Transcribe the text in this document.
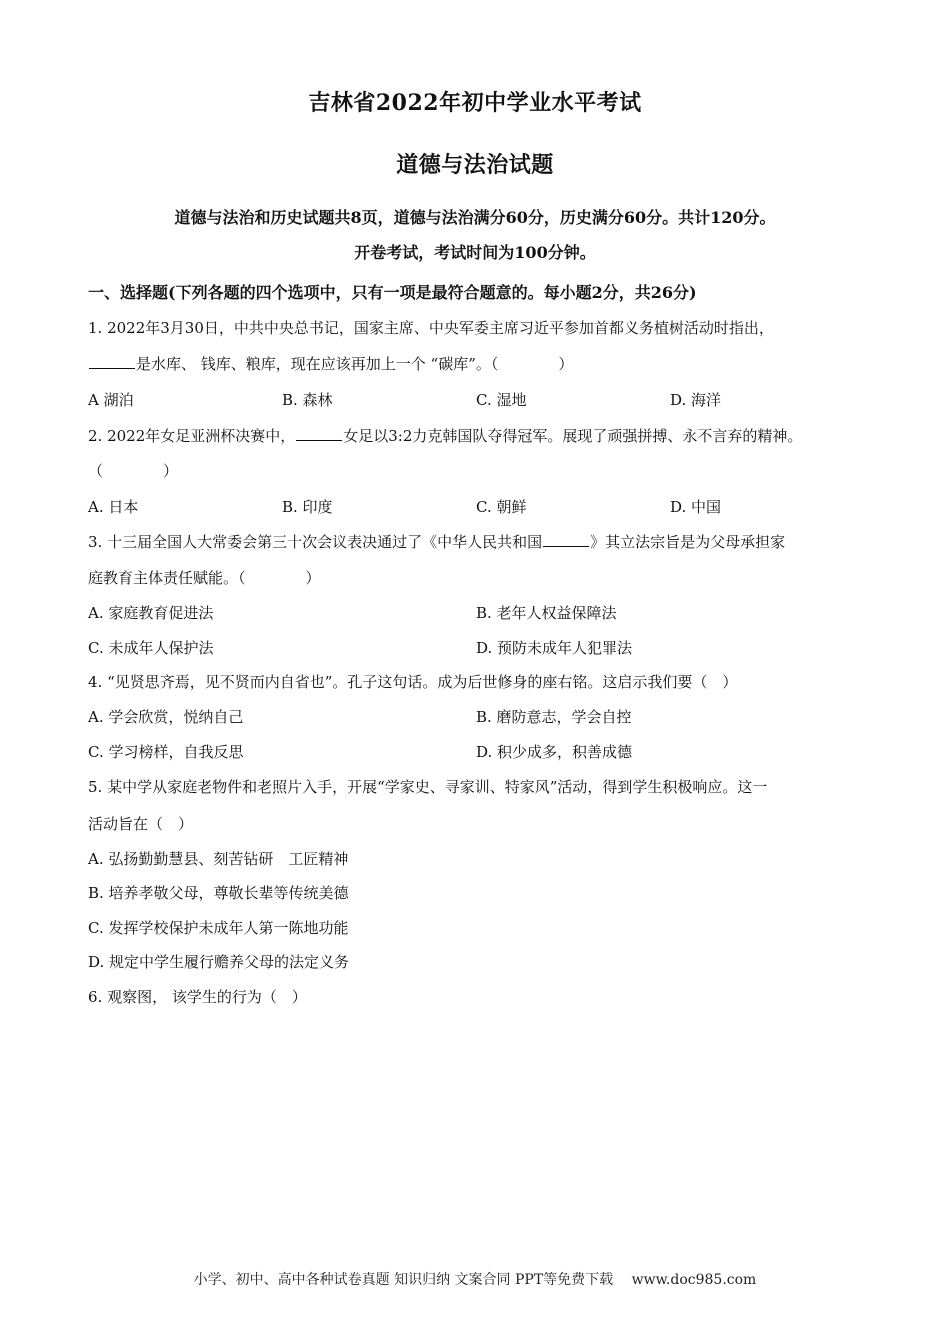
吉林省2022年初中学业水平考试
道德与法治试题
道德与法治和历史试题共8页，道德与法治满分60分，历史满分60分。共计120分。
开卷考试，考试时间为100分钟。
一、选择题(下列各题的四个选项中，只有一项是最符合题意的。每小题2分，共26分)
1. 2022年3月30日，中共中央总书记，国家主席、中央军委主席习近平参加首都义务植树活动时指出，
是水库、 钱库、粮库，现在应该再加上一个 “碳库”。（　　　　）
A 湖泊	B. 森林	C. 湿地	D. 海洋
2. 2022年女足亚洲杯决赛中，	女足以3:2力克韩国队夺得冠军。展现了顽强拼搏、永不言弃的精神。
（　　　　）
A. 日本	B. 印度	C. 朝鲜	D. 中国
3. 十三届全国人大常委会第三十次会议表决通过了《中华人民共和国	》其立法宗旨是为父母承担家
庭教育主体责任赋能。（　　　　）
A. 家庭教育促进法	B. 老年人权益保障法
C. 未成年人保护法	D. 预防未成年人犯罪法
4. “见贤思齐焉，见不贤而内自省也”。孔子这句话。成为后世修身的座右铭。这启示我们要（　）
A. 学会欣赏，悦纳自己	B. 磨防意志，学会自控
C. 学习榜样，自我反思	D. 积少成多，积善成德
5. 某中学从家庭老物件和老照片入手，开展“学家史、寻家训、特家风”活动，得到学生积极响应。这一
活动旨在（　）
A. 弘扬勤勤慧县、刻苦钻研　工匠精神
B. 培养孝敬父母，尊敬长辈等传统美德
C. 发挥学校保护未成年人第一陈地功能
D. 规定中学生履行赡养父母的法定义务
6. 观察图， 该学生的行为（　）
小学、初中、高中各种试卷真题 知识归纳 文案合同 PPT等免费下载　 www.doc985.com
